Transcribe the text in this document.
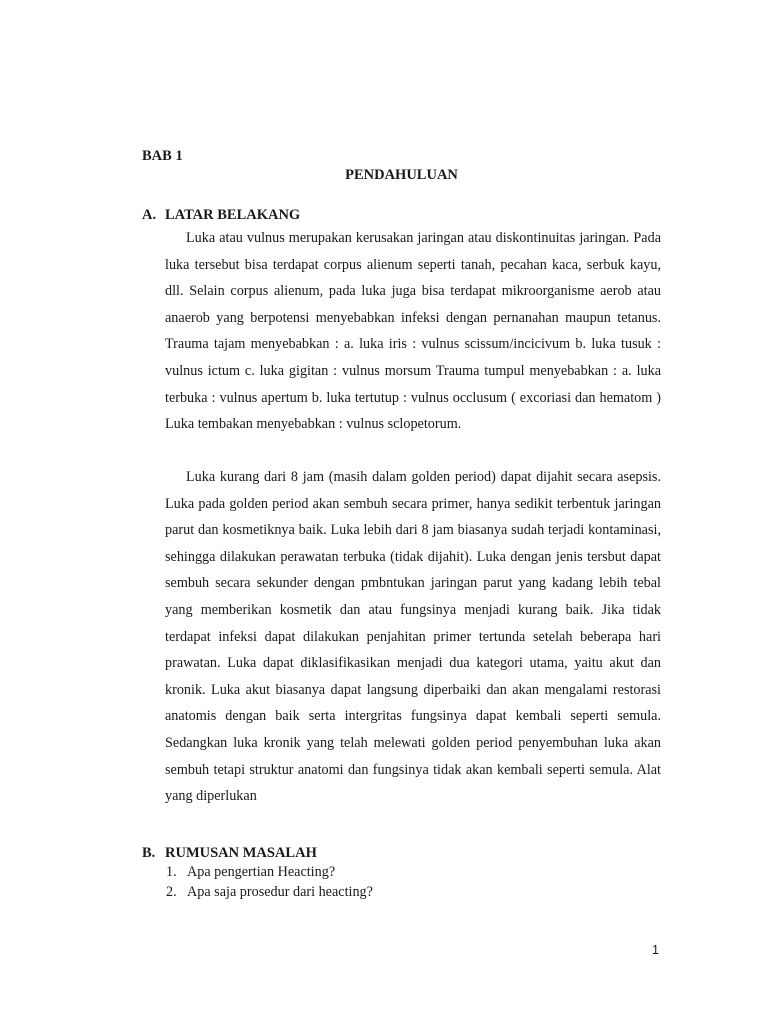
BAB 1
PENDAHULUAN
A. LATAR BELAKANG

Luka atau vulnus merupakan kerusakan jaringan atau diskontinuitas jaringan. Pada luka tersebut bisa terdapat corpus alienum seperti tanah, pecahan kaca, serbuk kayu, dll. Selain corpus alienum, pada luka juga bisa terdapat mikroorganisme aerob atau anaerob yang berpotensi menyebabkan infeksi dengan pernanahan maupun tetanus. Trauma tajam menyebabkan : a. luka iris : vulnus scissum/incicivum b. luka tusuk : vulnus ictum c. luka gigitan : vulnus morsum Trauma tumpul menyebabkan : a. luka terbuka : vulnus apertum b. luka tertutup : vulnus occlusum ( excoriasi dan hematom ) Luka tembakan menyebabkan : vulnus sclopetorum.

Luka kurang dari 8 jam (masih dalam golden period) dapat dijahit secara asepsis. Luka pada golden period akan sembuh secara primer, hanya sedikit terbentuk jaringan parut dan kosmetiknya baik. Luka lebih dari 8 jam biasanya sudah terjadi kontaminasi, sehingga dilakukan perawatan terbuka (tidak dijahit). Luka dengan jenis tersbut dapat sembuh secara sekunder dengan pmbntukan jaringan parut yang kadang lebih tebal yang memberikan kosmetik dan atau fungsinya menjadi kurang baik. Jika tidak terdapat infeksi dapat dilakukan penjahitan primer tertunda setelah beberapa hari prawatan. Luka dapat diklasifikasikan menjadi dua kategori utama, yaitu akut dan kronik. Luka akut biasanya dapat langsung diperbaiki dan akan mengalami restorasi anatomis dengan baik serta intergritas fungsinya dapat kembali seperti semula. Sedangkan luka kronik yang telah melewati golden period penyembuhan luka akan sembuh tetapi struktur anatomi dan fungsinya tidak akan kembali seperti semula. Alat yang diperlukan

B. RUMUSAN MASALAH
1. Apa pengertian Heacting?
2. Apa saja prosedur dari heacting?
1
